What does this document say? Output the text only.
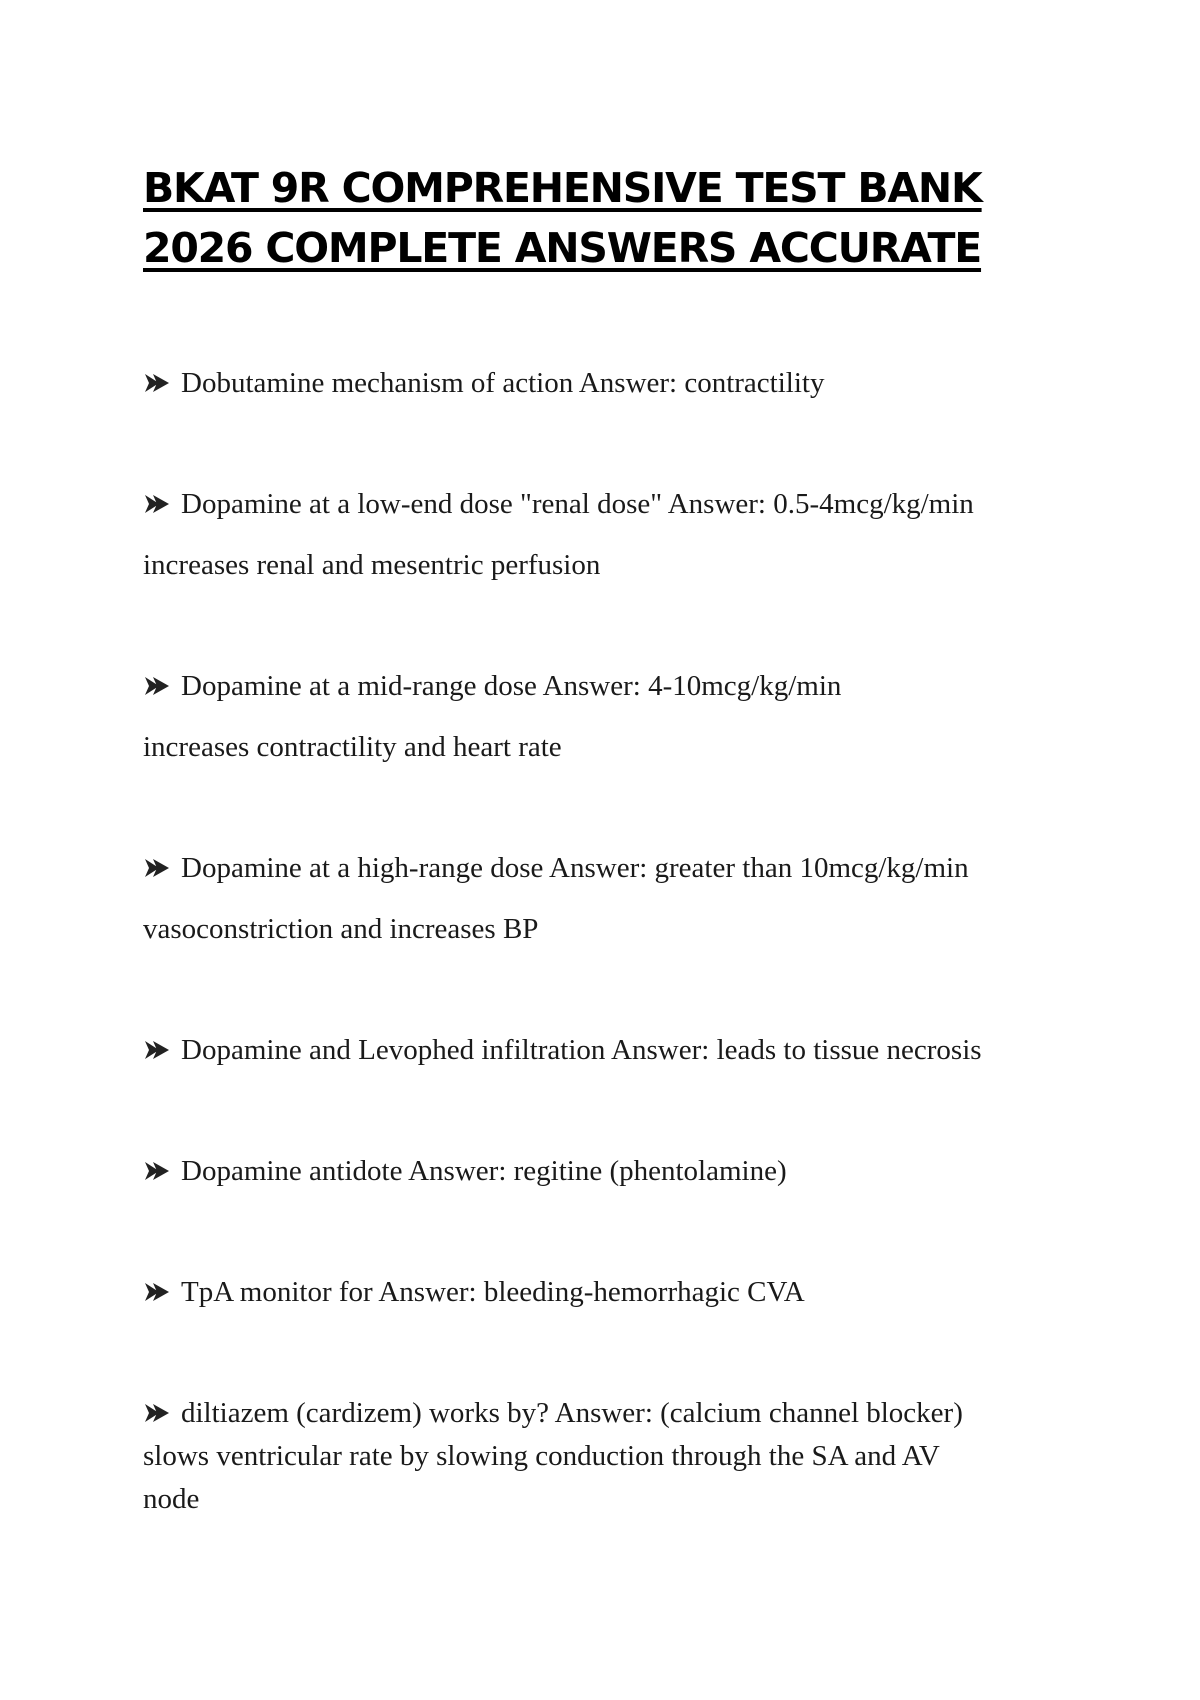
BKAT 9R COMPREHENSIVE TEST BANK
2026 COMPLETE ANSWERS ACCURATE
Dobutamine mechanism of action Answer: contractility
Dopamine at a low-end dose "renal dose" Answer: 0.5-4mcg/kg/min
increases renal and mesentric perfusion
Dopamine at a mid-range dose Answer: 4-10mcg/kg/min
increases contractility and heart rate
Dopamine at a high-range dose Answer: greater than 10mcg/kg/min
vasoconstriction and increases BP
Dopamine and Levophed infiltration Answer: leads to tissue necrosis
Dopamine antidote Answer: regitine (phentolamine)
TpA monitor for Answer: bleeding-hemorrhagic CVA
diltiazem (cardizem) works by? Answer: (calcium channel blocker)
slows ventricular rate by slowing conduction through the SA and AV
node
